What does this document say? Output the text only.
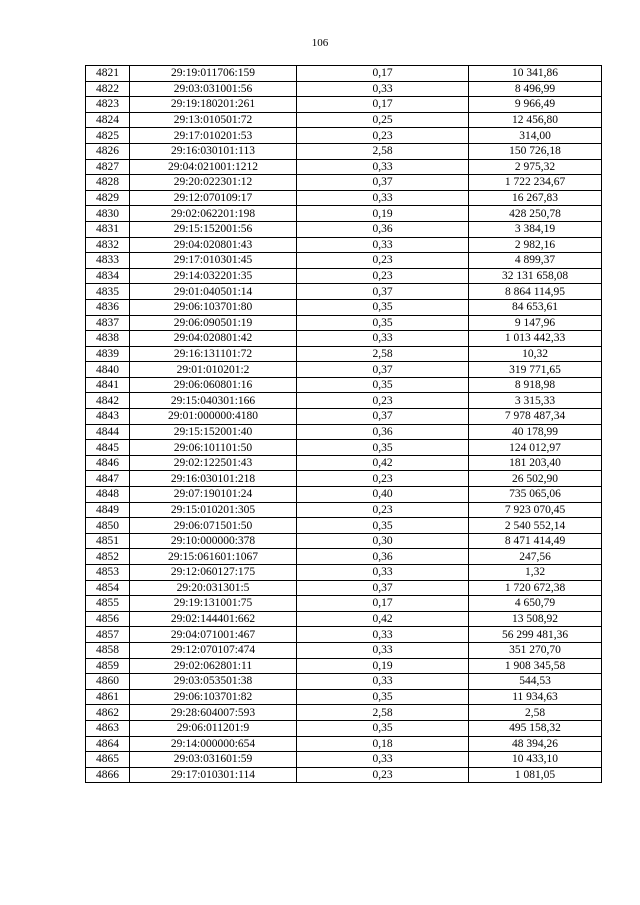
106
4821	29:19:011706:159	0,17	10 341,86
4822	29:03:031001:56	0,33	8 496,99
4823	29:19:180201:261	0,17	9 966,49
4824	29:13:010501:72	0,25	12 456,80
4825	29:17:010201:53	0,23	314,00
4826	29:16:030101:113	2,58	150 726,18
4827	29:04:021001:1212	0,33	2 975,32
4828	29:20:022301:12	0,37	1 722 234,67
4829	29:12:070109:17	0,33	16 267,83
4830	29:02:062201:198	0,19	428 250,78
4831	29:15:152001:56	0,36	3 384,19
4832	29:04:020801:43	0,33	2 982,16
4833	29:17:010301:45	0,23	4 899,37
4834	29:14:032201:35	0,23	32 131 658,08
4835	29:01:040501:14	0,37	8 864 114,95
4836	29:06:103701:80	0,35	84 653,61
4837	29:06:090501:19	0,35	9 147,96
4838	29:04:020801:42	0,33	1 013 442,33
4839	29:16:131101:72	2,58	10,32
4840	29:01:010201:2	0,37	319 771,65
4841	29:06:060801:16	0,35	8 918,98
4842	29:15:040301:166	0,23	3 315,33
4843	29:01:000000:4180	0,37	7 978 487,34
4844	29:15:152001:40	0,36	40 178,99
4845	29:06:101101:50	0,35	124 012,97
4846	29:02:122501:43	0,42	181 203,40
4847	29:16:030101:218	0,23	26 502,90
4848	29:07:190101:24	0,40	735 065,06
4849	29:15:010201:305	0,23	7 923 070,45
4850	29:06:071501:50	0,35	2 540 552,14
4851	29:10:000000:378	0,30	8 471 414,49
4852	29:15:061601:1067	0,36	247,56
4853	29:12:060127:175	0,33	1,32
4854	29:20:031301:5	0,37	1 720 672,38
4855	29:19:131001:75	0,17	4 650,79
4856	29:02:144401:662	0,42	13 508,92
4857	29:04:071001:467	0,33	56 299 481,36
4858	29:12:070107:474	0,33	351 270,70
4859	29:02:062801:11	0,19	1 908 345,58
4860	29:03:053501:38	0,33	544,53
4861	29:06:103701:82	0,35	11 934,63
4862	29:28:604007:593	2,58	2,58
4863	29:06:011201:9	0,35	495 158,32
4864	29:14:000000:654	0,18	48 394,26
4865	29:03:031601:59	0,33	10 433,10
4866	29:17:010301:114	0,23	1 081,05
